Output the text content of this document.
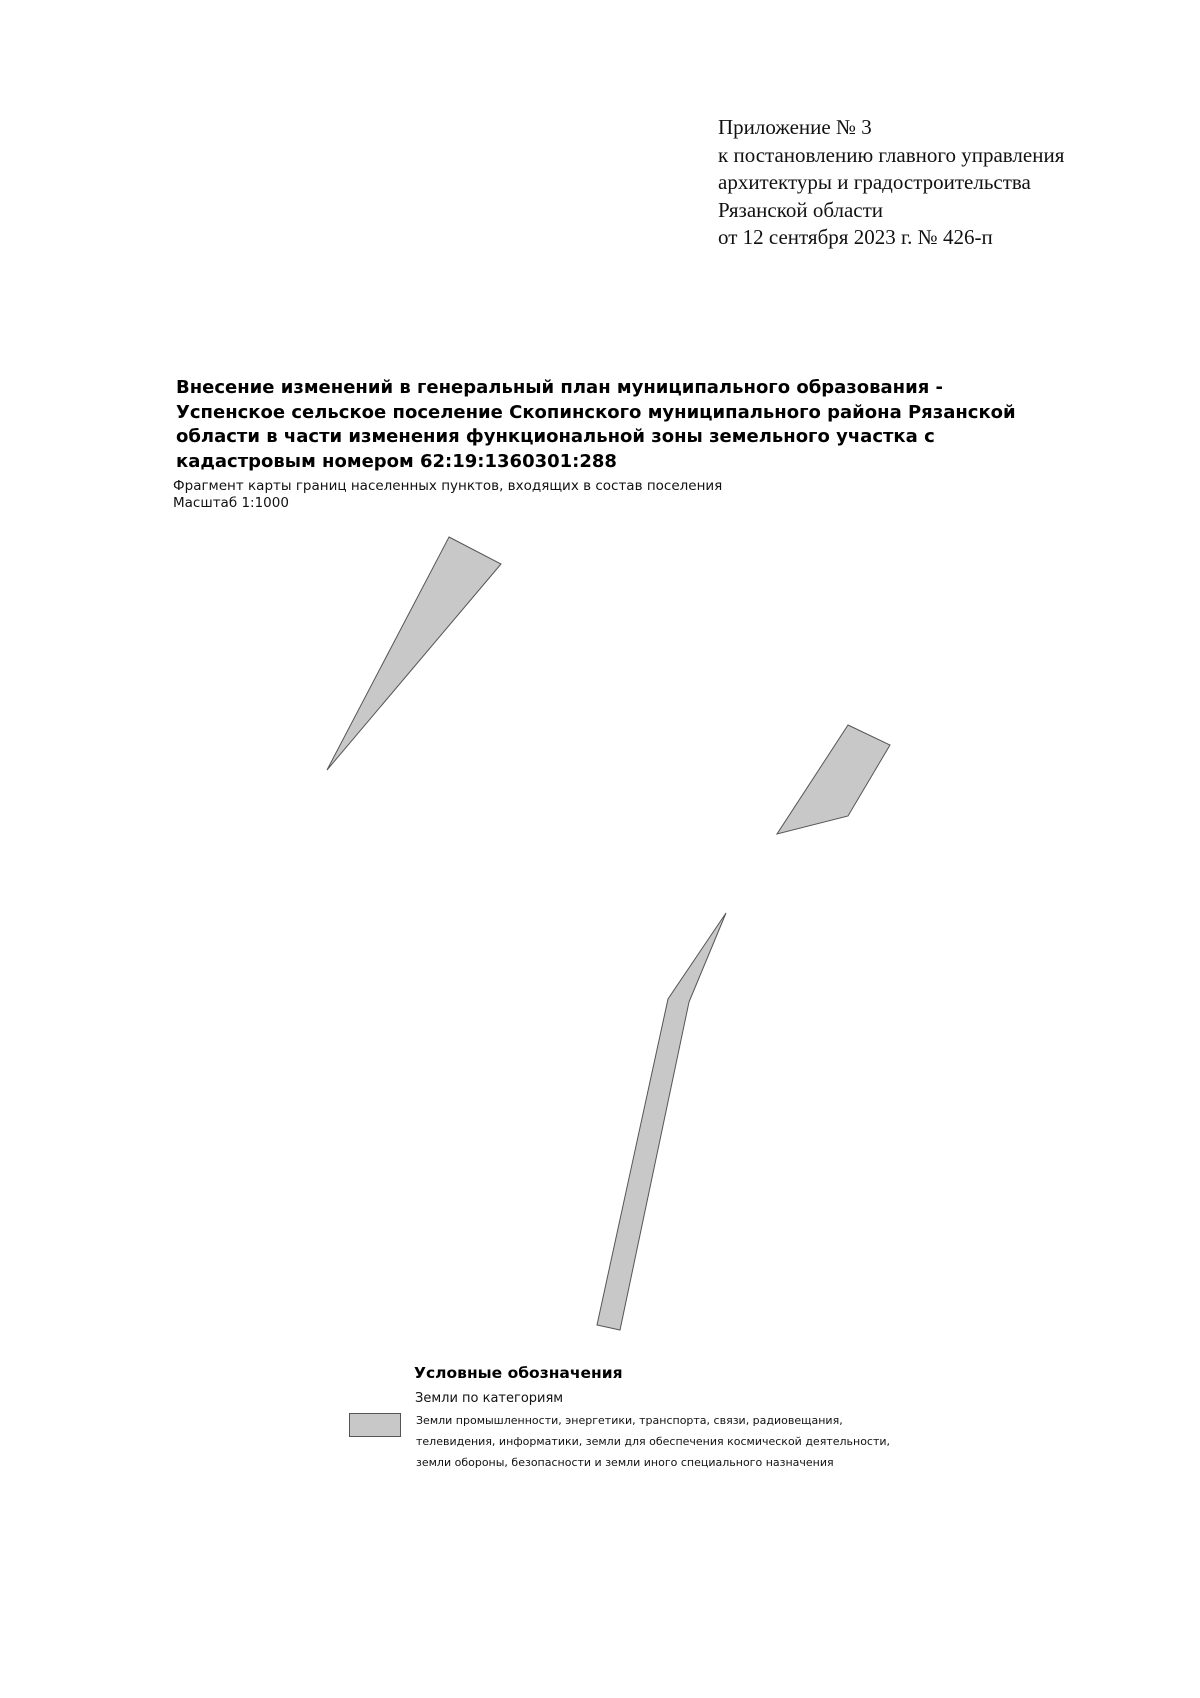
Приложение № 3
к постановлению главного управления
архитектуры и градостроительства
Рязанской области
от 12 сентября 2023 г. № 426-п
Внесение изменений в генеральный план муниципального образования -
Успенское сельское поселение Скопинского муниципального района Рязанской
области в части изменения функциональной зоны земельного участка с
кадастровым номером 62:19:1360301:288
Фрагмент карты границ населенных пунктов, входящих в состав поселения
Масштаб 1:1000
Условные обозначения
Земли по категориям
Земли промышленности, энергетики, транспорта, связи, радиовещания,
телевидения, информатики, земли для обеспечения космической деятельности,
земли обороны, безопасности и земли иного специального назначения
